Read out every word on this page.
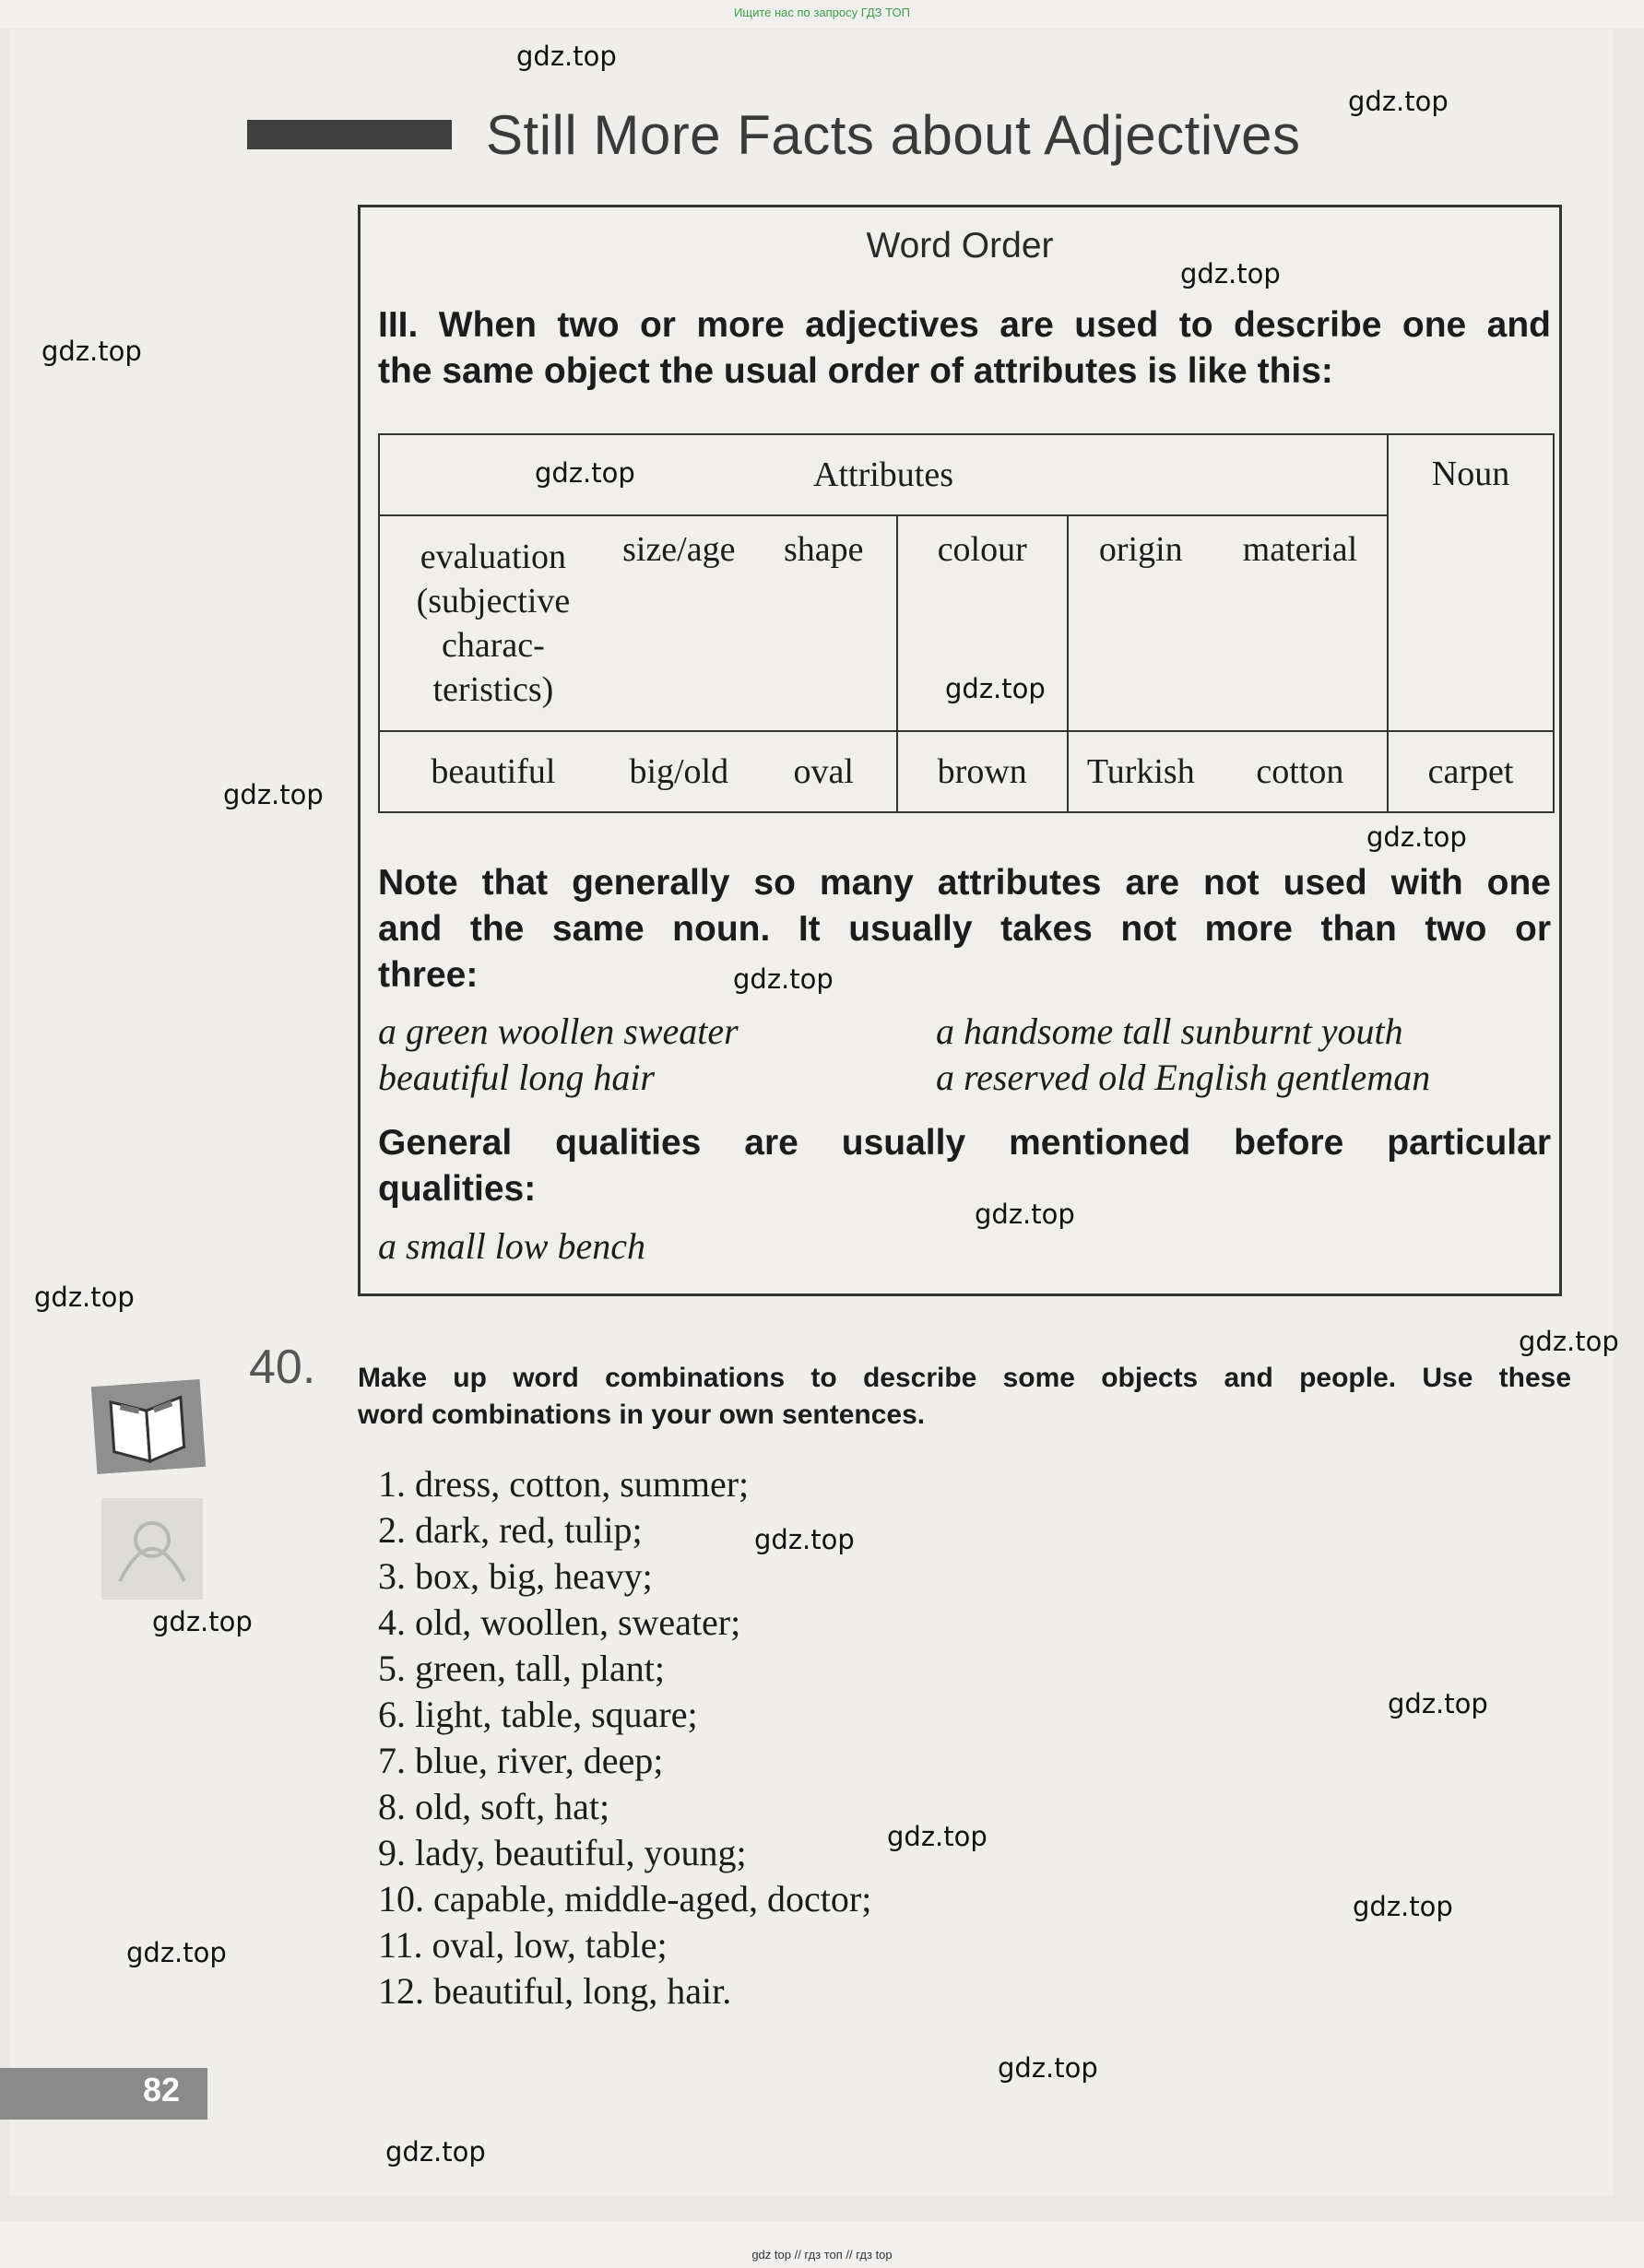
Ищите нас по запросу ГДЗ ТОП
Still More Facts about Adjectives
Word Order
III. When two or more adjectives are used to describe one and
the same object the usual order of attributes is like this:
Attributes						Noun

evaluation
(subjective
charac-
teristics)	size/age	shape	colour	origin	material	
beautiful	big/old	oval	brown	Turkish	cotton	carpet
Note that generally so many attributes are not used with one
and the same noun. It usually takes not more than two or
three:
a green woollen sweater	a handsome tall sunburnt youth
beautiful long hair	a reserved old English gentleman
General qualities are usually mentioned before particular
qualities:
a small low bench
40. Make up word combinations to describe some objects and people. Use these
word combinations in your own sentences.
1. dress, cotton, summer;
2. dark, red, tulip;
3. box, big, heavy;
4. old, woollen, sweater;
5. green, tall, plant;
6. light, table, square;
7. blue, river, deep;
8. old, soft, hat;
9. lady, beautiful, young;
10. capable, middle-aged, doctor;
11. oval, low, table;
12. beautiful, long, hair.
82
gdz.top
gdz.top
gdz.top
gdz.top
gdz.top
gdz.top
gdz.top
gdz.top
gdz.top
gdz.top
gdz.top
gdz.top
gdz.top
gdz.top
gdz.top
gdz.top
gdz.top
gdz.top
gdz.top
gdz.top
gdz top // гдз топ // гдз top
